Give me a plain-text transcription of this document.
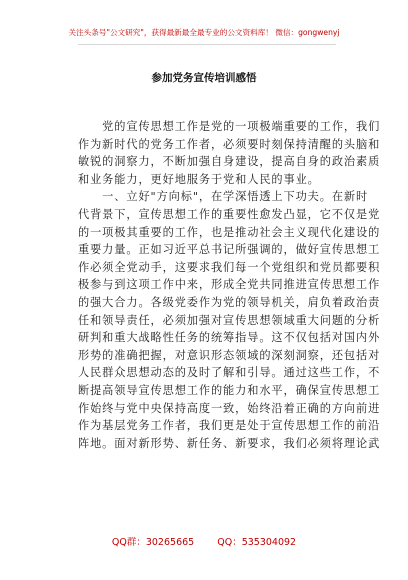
关注头条号"公文研究"，获得最新最全最专业的公文资料库！ 微信：gongwenyj
参加党务宣传培训感悟
　　党的宣传思想工作是党的一项极端重要的工作，我们
作为新时代的党务工作者，必须要时刻保持清醒的头脑和
敏锐的洞察力，不断加强自身建设，提高自身的政治素质
和业务能力，更好地服务于党和人民的事业。
　　一、立好"方向标"，在学深悟透上下功夫。在新时
代背景下，宣传思想工作的重要性愈发凸显，它不仅是党
的一项极其重要的工作，也是推动社会主义现代化建设的
重要力量。正如习近平总书记所强调的，做好宣传思想工
作必须全党动手，这要求我们每一个党组织和党员都要积
极参与到这项工作中来，形成全党共同推进宣传思想工作
的强大合力。各级党委作为党的领导机关，肩负着政治责
任和领导责任，必须加强对宣传思想领域重大问题的分析
研判和重大战略性任务的统筹指导。这不仅包括对国内外
形势的准确把握，对意识形态领域的深刻洞察，还包括对
人民群众思想动态的及时了解和引导。通过这些工作，不
断提高领导宣传思想工作的能力和水平，确保宣传思想工
作始终与党中央保持高度一致，始终沿着正确的方向前进
作为基层党务工作者，我们更是处于宣传思想工作的前沿
阵地。面对新形势、新任务、新要求，我们必须将理论武
QQ群：30265665 QQ：535304092
